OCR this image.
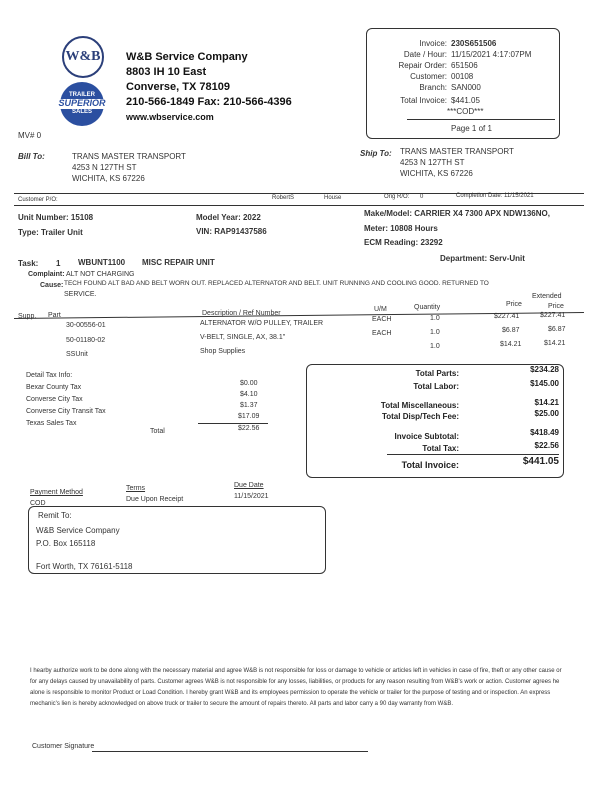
W&B
TRAILER
SUPERIOR
SALES
W&B Service Company
8803 IH 10 East
Converse, TX 78109
210-566-1849 Fax: 210-566-4396
www.wbservice.com
Invoice: 230S651506
Date / Hour: 11/15/2021 4:17:07PM
Repair Order: 651506
Customer: 00108
Branch: SAN000
Total Invoice: $441.05
***COD***
Page 1 of 1
MV# 0
Bill To:	TRANS MASTER TRANSPORT
4253 N 127TH ST
WICHITA, KS 67226
Ship To: TRANS MASTER TRANSPORT
4253 N 127TH ST
WICHITA, KS 67226
Customer P/O:	RobertS	House	Orig R/O: 0	Completion Date: 11/15/2021
Unit Number: 15108
Type: Trailer Unit
Model Year: 2022
VIN: RAP91437586
Make/Model: CARRIER X4 7300 APX NDW136NO,
Meter: 10808 Hours
ECM Reading: 23292
Task: 1 WBUNT1100 MISC REPAIR UNIT	Department: Serv-Unit
Complaint: ALT NOT CHARGING
Cause: TECH FOUND ALT BAD AND BELT WORN OUT. REPLACED ALTERNATOR AND BELT. UNIT RUNNING AND COOLING GOOD. RETURNED TO
SERVICE.
Supp. Part	Description / Ref Number
U/M	Quantity	Price
Extended
Price
30-00556-01	ALTERNATOR W/O PULLEY, TRAILER
EACH	1.0	$227.41	$227.41
50-01180-02	V-BELT, SINGLE, AX, 38.1"
EACH	1.0	$6.87	$6.87
SSUnit	Shop Supplies
1.0	$14.21	$14.21
Detail Tax Info:
Bexar County Tax
$0.00
Converse City Tax
$4.10
Converse City Transit Tax
$1.37
Texas Sales Tax
$17.09
Total	$22.56
Total Parts:	$234.28
Total Labor:	$145.00
Total Miscellaneous:	$14.21
Total Disp/Tech Fee:	$25.00
Invoice Subtotal:	$418.49
Total Tax:	$22.56
Total Invoice:	$441.05
Payment Method
COD
Terms
Due Upon Receipt
Due Date
11/15/2021
Remit To:
W&B Service Company
P.O. Box 165118
Fort Worth, TX 76161-5118
I hearby authorize work to be done along with the necessary material and agree W&B is not responsible for loss or damage to vehicle or articles left in vehicles in case of fire, theft or any other cause or for any delays caused by unavailability of parts. Customer agrees W&B is not responsible for any losses, liabilities, or products for any reason resulting from W&B's work or action. Customer agrees he alone is responsible to monitor Product or Load Condition. I hereby grant W&B and its employees permission to operate the vehicle or trailer for the purpose of testing and or inspection. An express mechanic's lien is hereby acknowledged on above truck or trailer to secure the amount of repairs thereto. All parts and labor carry a 90 day warranty from W&B.
Customer Signature
